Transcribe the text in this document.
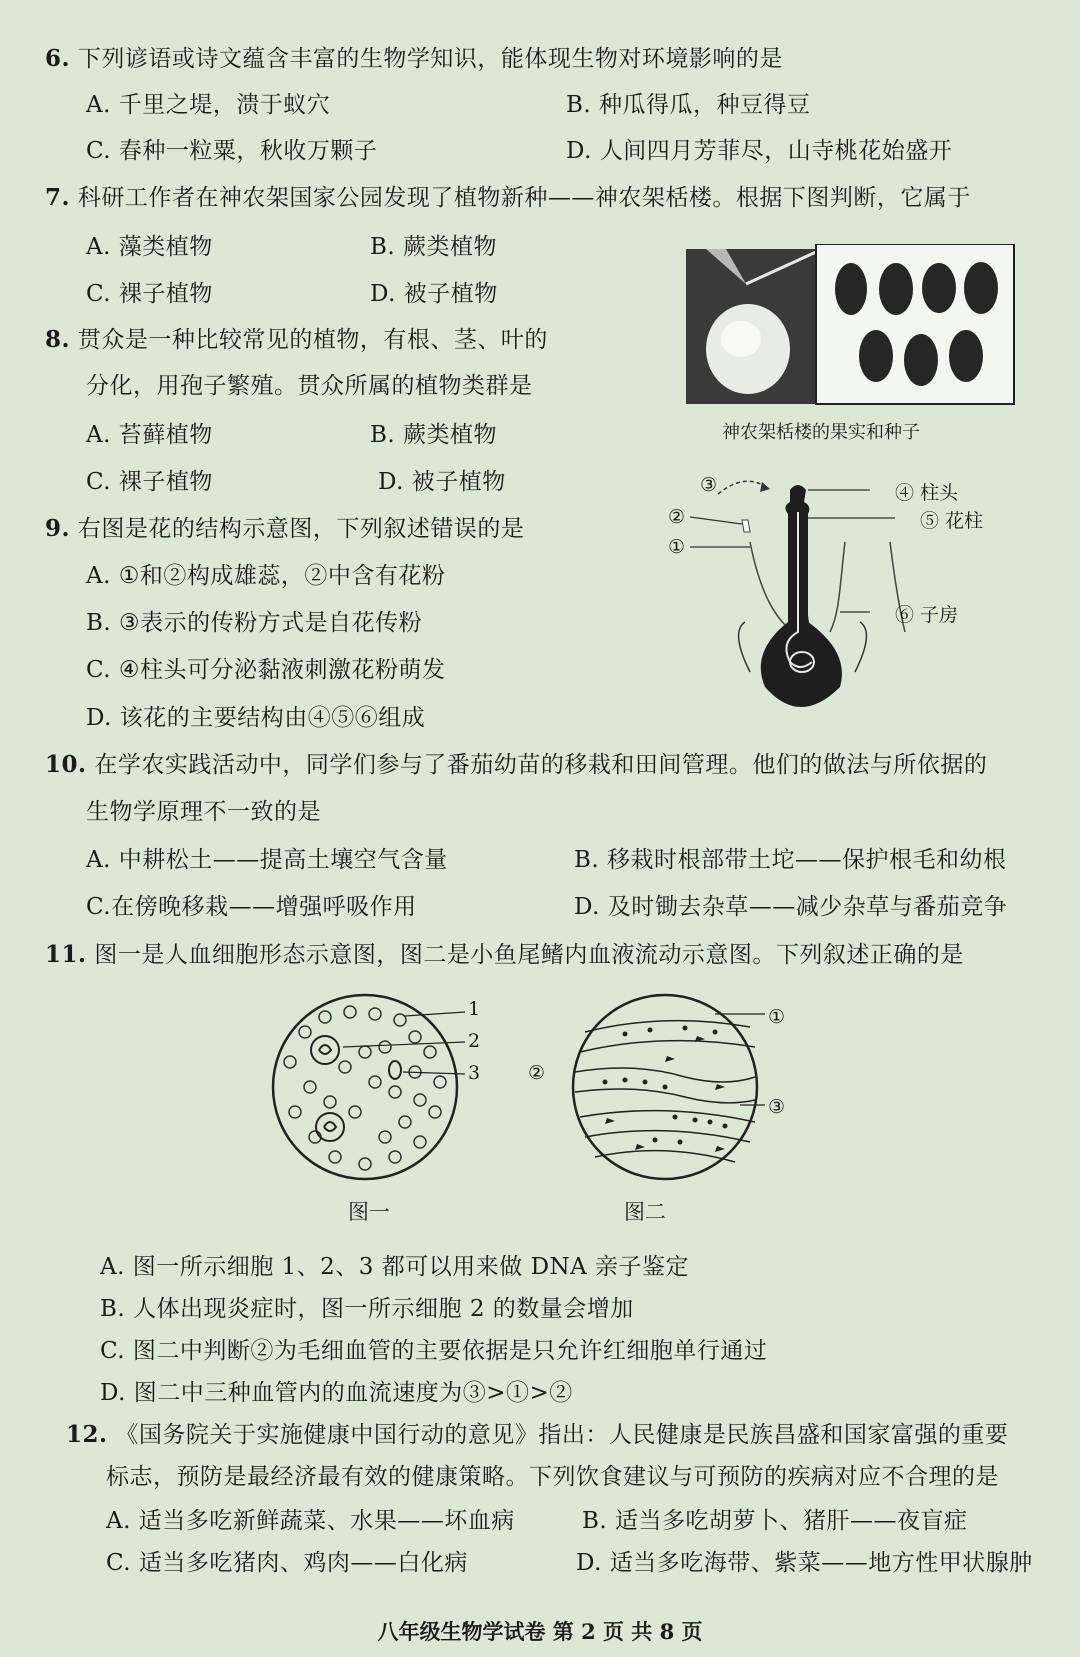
6. 下列谚语或诗文蕴含丰富的生物学知识，能体现生物对环境影响的是
A. 千里之堤，溃于蚁穴	B. 种瓜得瓜，种豆得豆
C. 春种一粒粟，秋收万颗子	D. 人间四月芳菲尽，山寺桃花始盛开
7. 科研工作者在神农架国家公园发现了植物新种——神农架栝楼。根据下图判断，它属于
A. 藻类植物	B. 蕨类植物
C. 裸子植物	D. 被子植物
神农架栝楼的果实和种子
8. 贯众是一种比较常见的植物，有根、茎、叶的
分化，用孢子繁殖。贯众所属的植物类群是
A. 苔藓植物	B. 蕨类植物
C. 裸子植物	D. 被子植物
9. 右图是花的结构示意图，下列叙述错误的是
A. ①和②构成雄蕊，②中含有花粉
B. ③表示的传粉方式是自花传粉
C. ④柱头可分泌黏液刺激花粉萌发
D. 该花的主要结构由④⑤⑥组成
③	④ 柱头
⑤ 花柱
②
①
⑥ 子房
10. 在学农实践活动中，同学们参与了番茄幼苗的移栽和田间管理。他们的做法与所依据的
生物学原理不一致的是
A. 中耕松土——提高土壤空气含量	B. 移栽时根部带土坨——保护根毛和幼根
C.在傍晚移栽——增强呼吸作用	D. 及时锄去杂草——减少杂草与番茄竞争
11. 图一是人血细胞形态示意图，图二是小鱼尾鳍内血液流动示意图。下列叙述正确的是
1
2
3
图一
①
②
③
图二
A. 图一所示细胞 1、2、3 都可以用来做 DNA 亲子鉴定
B. 人体出现炎症时，图一所示细胞 2 的数量会增加
C. 图二中判断②为毛细血管的主要依据是只允许红细胞单行通过
D. 图二中三种血管内的血流速度为③>①>②
12. 《国务院关于实施健康中国行动的意见》指出：人民健康是民族昌盛和国家富强的重要
标志，预防是最经济最有效的健康策略。下列饮食建议与可预防的疾病对应不合理的是
A. 适当多吃新鲜蔬菜、水果——坏血病	B. 适当多吃胡萝卜、猪肝——夜盲症
C. 适当多吃猪肉、鸡肉——白化病	D. 适当多吃海带、紫菜——地方性甲状腺肿
八年级生物学试卷 第 2 页 共 8 页
